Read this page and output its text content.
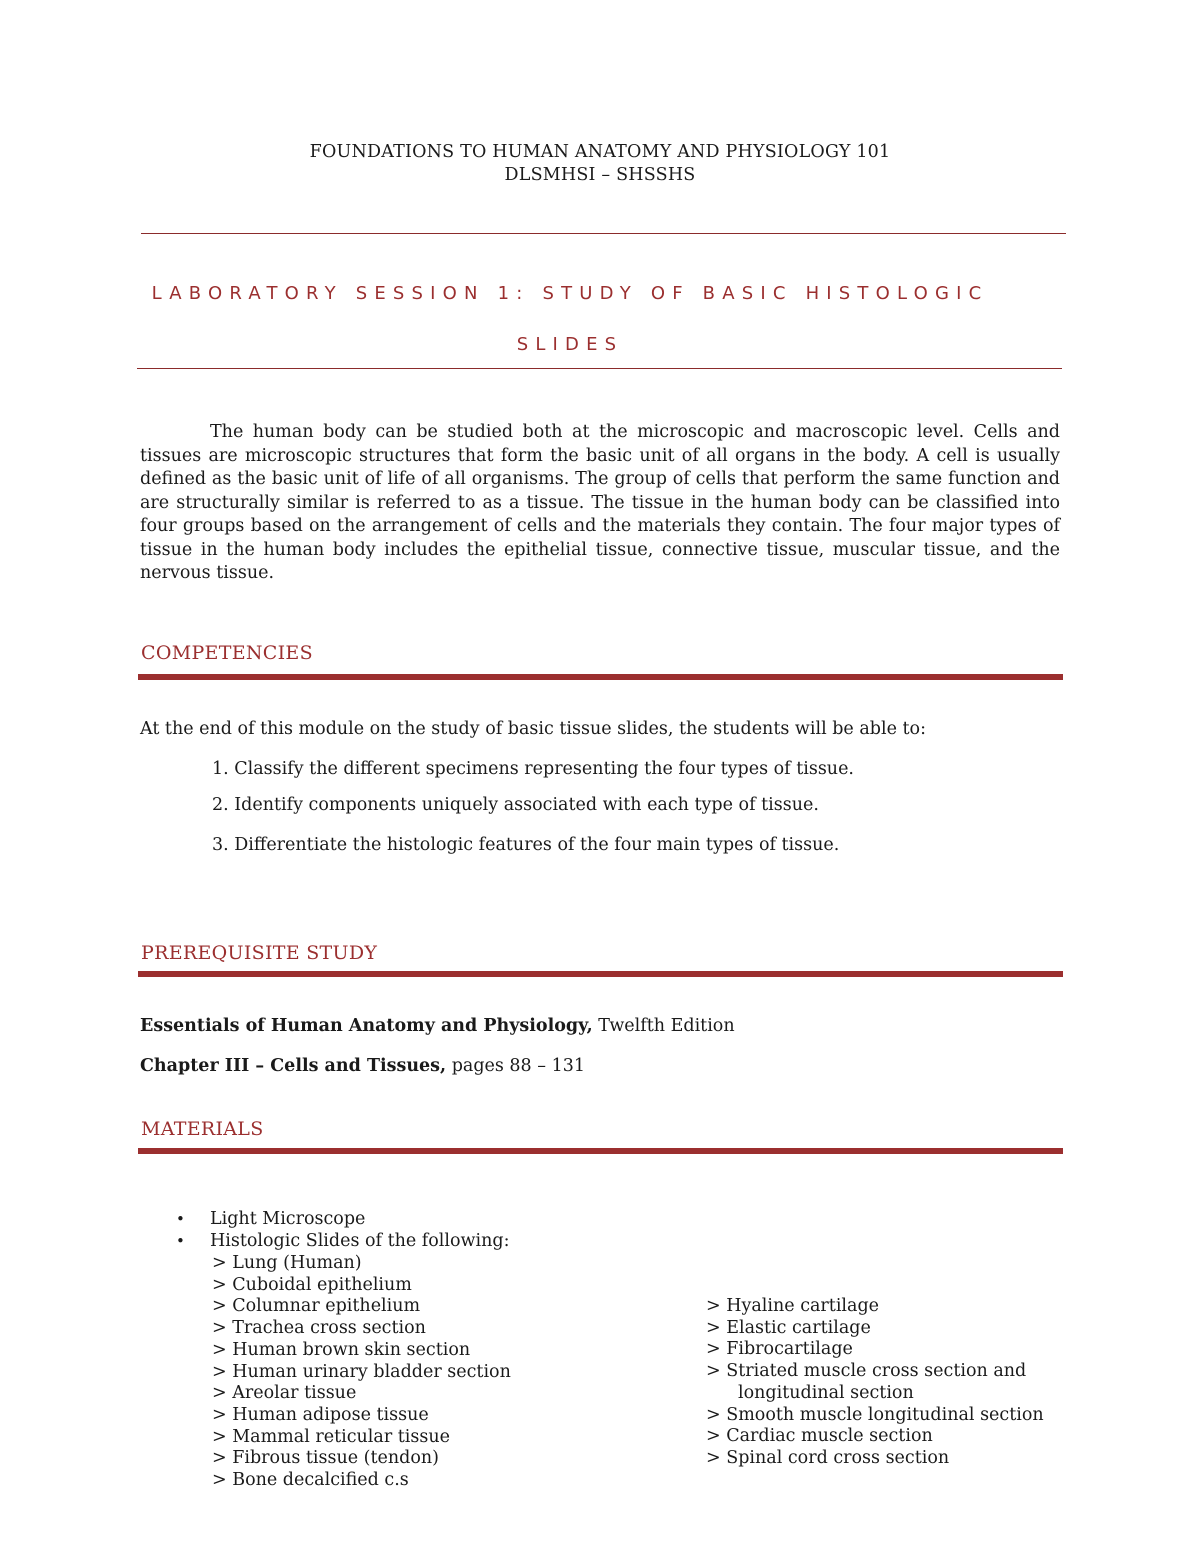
FOUNDATIONS TO HUMAN ANATOMY AND PHYSIOLOGY 101
DLSMHSI – SHSSHS
LABORATORY SESSION 1: STUDY OF BASIC HISTOLOGIC
SLIDES
The human body can be studied both at the microscopic and macroscopic level. Cells and tissues are microscopic structures that form the basic unit of all organs in the body. A cell is usually defined as the basic unit of life of all organisms. The group of cells that perform the same function and are structurally similar is referred to as a tissue. The tissue in the human body can be classified into four groups based on the arrangement of cells and the materials they contain. The four major types of tissue in the human body includes the epithelial tissue, connective tissue, muscular tissue, and the nervous tissue.
COMPETENCIES
At the end of this module on the study of basic tissue slides, the students will be able to:
1. Classify the different specimens representing the four types of tissue.
2. Identify components uniquely associated with each type of tissue.
3. Differentiate the histologic features of the four main types of tissue.
PREREQUISITE STUDY
Essentials of Human Anatomy and Physiology, Twelfth Edition
Chapter III – Cells and Tissues, pages 88 – 131
MATERIALS
• Light Microscope
• Histologic Slides of the following:
> Lung (Human)
> Cuboidal epithelium
> Columnar epithelium
> Trachea cross section
> Human brown skin section
> Human urinary bladder section
> Areolar tissue
> Human adipose tissue
> Mammal reticular tissue
> Fibrous tissue (tendon)
> Bone decalcified c.s
> Hyaline cartilage
> Elastic cartilage
> Fibrocartilage
> Striated muscle cross section and
longitudinal section
> Smooth muscle longitudinal section
> Cardiac muscle section
> Spinal cord cross section
